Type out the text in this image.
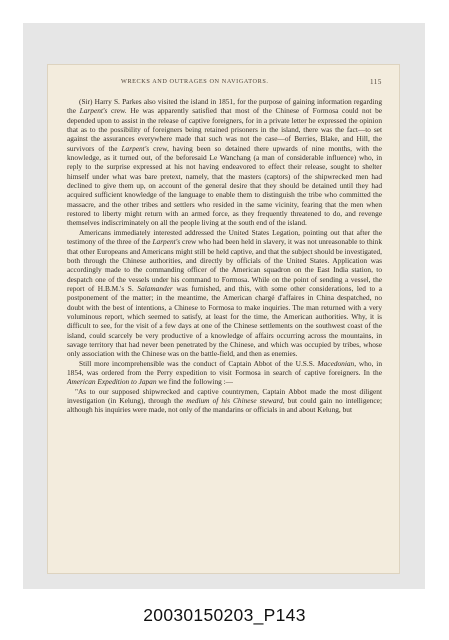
WRECKS AND OUTRAGES ON NAVIGATORS.	115

(Sir) Harry S. Parkes also visited the island in 1851, for the purpose of gaining information regarding the Larpent's crew. He was apparently satisfied that most of the Chinese of Formosa could not be depended upon to assist in the release of captive foreigners, for in a private letter he expressed the opinion that as to the possibility of foreigners being retained prisoners in the island, there was the fact—to set against the assurances everywhere made that such was not the case—of Berries, Blake, and Hill, the survivors of the Larpent's crew, having been so detained there upwards of nine months, with the knowledge, as it turned out, of the beforesaid Le Wanchang (a man of considerable influence) who, in reply to the surprise expressed at his not having endeavored to effect their release, sought to shelter himself under what was bare pretext, namely, that the masters (captors) of the shipwrecked men had declined to give them up, on account of the general desire that they should be detained until they had acquired sufficient knowledge of the language to enable them to distinguish the tribe who committed the massacre, and the other tribes and settlers who resided in the same vicinity, fearing that the men when restored to liberty might return with an armed force, as they frequently threatened to do, and revenge themselves indiscriminately on all the people living at the south end of the island.

Americans immediately interested addressed the United States Legation, pointing out that after the testimony of the three of the Larpent's crew who had been held in slavery, it was not unreasonable to think that other Europeans and Americans might still be held captive, and that the subject should be investigated, both through the Chinese authorities, and directly by officials of the United States. Application was accordingly made to the commanding officer of the American squadron on the East India station, to despatch one of the vessels under his command to Formosa. While on the point of sending a vessel, the report of H.B.M.'s S. Salamander was furnished, and this, with some other considerations, led to a postponement of the matter; in the meantime, the American chargé d'affaires in China despatched, no doubt with the best of intentions, a Chinese to Formosa to make inquiries. The man returned with a very voluminous report, which seemed to satisfy, at least for the time, the American authorities. Why, it is difficult to see, for the visit of a few days at one of the Chinese settlements on the southwest coast of the island, could scarcely be very productive of a knowledge of affairs occurring across the mountains, in savage territory that had never been penetrated by the Chinese, and which was occupied by tribes, whose only association with the Chinese was on the battle-field, and then as enemies.

Still more incomprehensible was the conduct of Captain Abbot of the U.S.S. Macedonian, who, in 1854, was ordered from the Perry expedition to visit Formosa in search of captive foreigners. In the American Expedition to Japan we find the following :—

"As to our supposed shipwrecked and captive countrymen, Captain Abbot made the most diligent investigation (in Kelung), through the medium of his Chinese steward, but could gain no intelligence; although his inquiries were made, not only of the mandarins or officials in and about Kelung, but

20030150203_P143
